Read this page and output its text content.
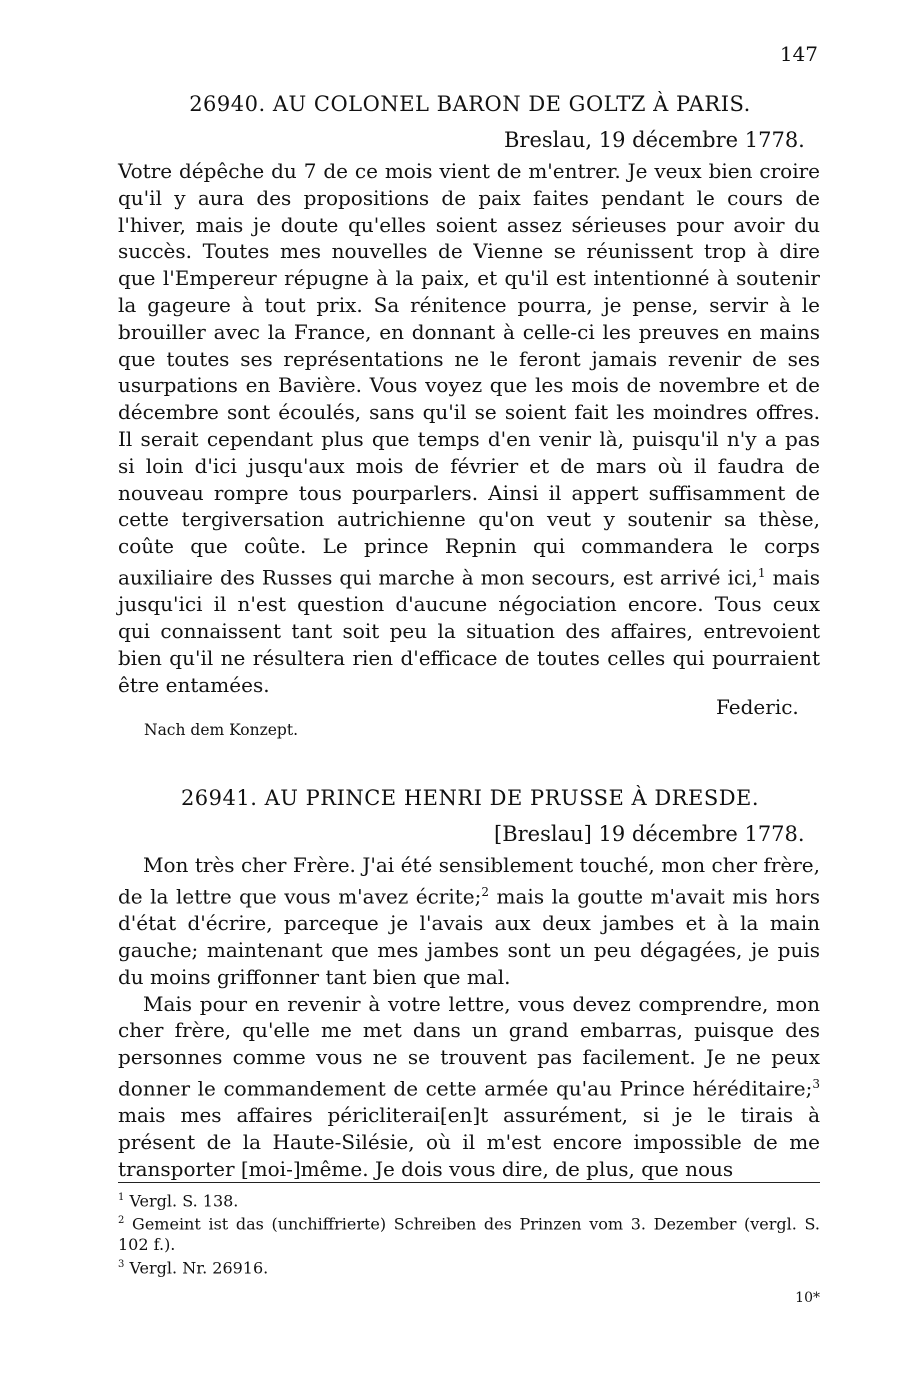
147
26940. AU COLONEL BARON DE GOLTZ À PARIS.
Breslau, 19 décembre 1778.

Votre dépêche du 7 de ce mois vient de m'entrer. Je veux bien croire qu'il y aura des propositions de paix faites pendant le cours de l'hiver, mais je doute qu'elles soient assez sérieuses pour avoir du succès. Toutes mes nouvelles de Vienne se réunissent trop à dire que l'Empereur répugne à la paix, et qu'il est intentionné à soutenir la gageure à tout prix. Sa rénitence pourra, je pense, servir à le brouiller avec la France, en donnant à celle-ci les preuves en mains que toutes ses représentations ne le feront jamais revenir de ses usurpations en Bavière. Vous voyez que les mois de novembre et de décembre sont écoulés, sans qu'il se soient fait les moindres offres. Il serait cependant plus que temps d'en venir là, puisqu'il n'y a pas si loin d'ici jusqu'aux mois de février et de mars où il faudra de nouveau rompre tous pourparlers. Ainsi il appert suffisamment de cette tergiversation autrichienne qu'on veut y soutenir sa thèse, coûte que coûte. Le prince Repnin qui commandera le corps auxiliaire des Russes qui marche à mon secours, est arrivé ici,$^1$ mais jusqu'ici il n'est question d'aucune négociation encore. Tous ceux qui connaissent tant soit peu la situation des affaires, entrevoient bien qu'il ne résultera rien d'efficace de toutes celles qui pourraient être entamées.

Federic.
Nach dem Konzept.
26941. AU PRINCE HENRI DE PRUSSE À DRESDE.
[Breslau] 19 décembre 1778.

Mon très cher Frère. J'ai été sensiblement touché, mon cher frère, de la lettre que vous m'avez écrite;$^2$ mais la goutte m'avait mis hors d'état d'écrire, parceque je l'avais aux deux jambes et à la main gauche; maintenant que mes jambes sont un peu dégagées, je puis du moins griffonner tant bien que mal.

Mais pour en revenir à votre lettre, vous devez comprendre, mon cher frère, qu'elle me met dans un grand embarras, puisque des personnes comme vous ne se trouvent pas facilement. Je ne peux donner le commandement de cette armée qu'au Prince héréditaire;$^3$ mais mes affaires péricliterai[en]t assurément, si je le tirais à présent de la Haute-Silésie, où il m'est encore impossible de me transporter [moi-]même. Je dois vous dire, de plus, que nous

$^1$ Vergl. S. 138.

$^2$ Gemeint ist das (unchiffrierte) Schreiben des Prinzen vom 3. Dezember (vergl. S. 102 f.).

$^3$ Vergl. Nr. 26916.

10*
